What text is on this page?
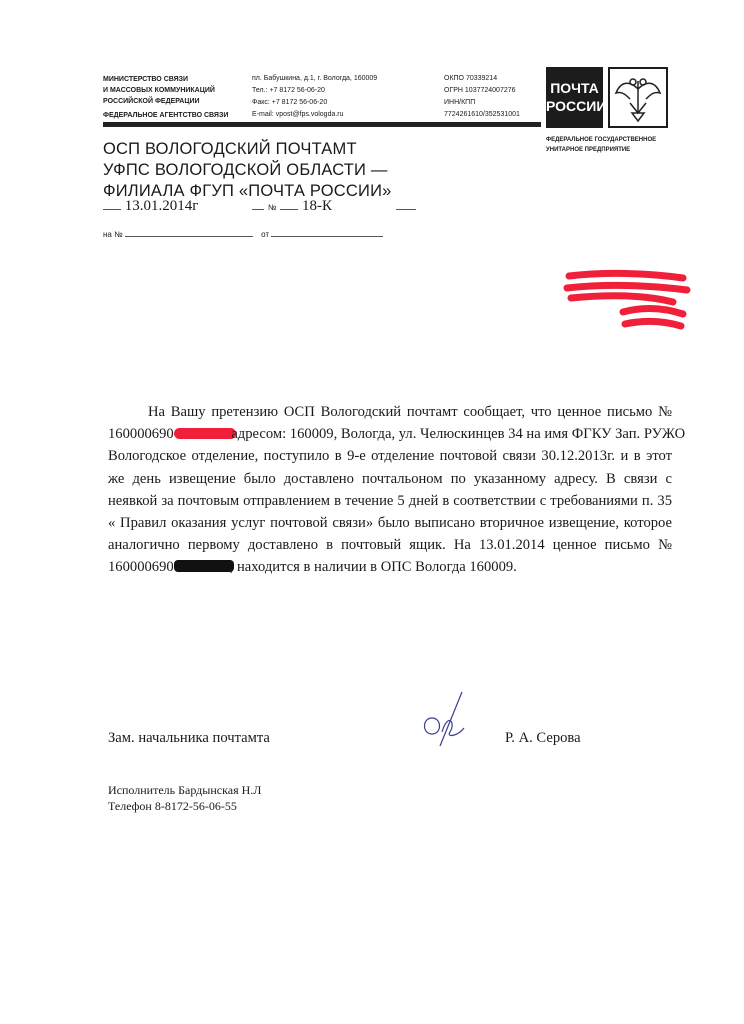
МИНИСТЕРСТВО СВЯЗИ
И МАССОВЫХ КОММУНИКАЦИЙ
РОССИЙСКОЙ ФЕДЕРАЦИИ
ФЕДЕРАЛЬНОЕ АГЕНТСТВО СВЯЗИ
пл. Бабушкина, д.1, г. Вологда, 160009
Тел.: +7 8172 56-06-20
Факс: +7 8172 56-06-20
E-mail: vpost@fps.vologda.ru
ОКПО 70339214
ОГРН 1037724007276
ИНН/КПП
7724261610/352531001
ПОЧТА
РОССИИ
ФЕДЕРАЛЬНОЕ ГОСУДАРСТВЕННОЕ
УНИТАРНОЕ ПРЕДПРИЯТИЕ
ОСП ВОЛОГОДСКИЙ ПОЧТАМТ
УФПС ВОЛОГОДСКОЙ ОБЛАСТИ —
ФИЛИАЛА ФГУП «ПОЧТА РОССИИ»
13.01.2014г	№ 18-К
на №	от
На Вашу претензию ОСП Вологодский почтамт сообщает, что ценное письмо №
160000690	адресом: 160009, Вологда, ул. Челюскинцев 34 на имя ФГКУ Зап. РУЖО
Вологодское отделение, поступило в 9-е отделение почтовой связи 30.12.2013г. и в этот
же день извещение было доставлено почтальоном по указанному адресу. В связи с
неявкой за почтовым отправлением в течение 5 дней в соответствии с требованиями п. 35
« Правил оказания услуг почтовой связи» было выписано вторичное извещение, которое
аналогично первому доставлено в почтовый ящик. На 13.01.2014 ценное письмо №
160000690	, находится в наличии в ОПС Вологда 160009.
Зам. начальника почтамта	Р. А. Серова
Исполнитель Бардынская Н.Л
Телефон 8-8172-56-06-55
